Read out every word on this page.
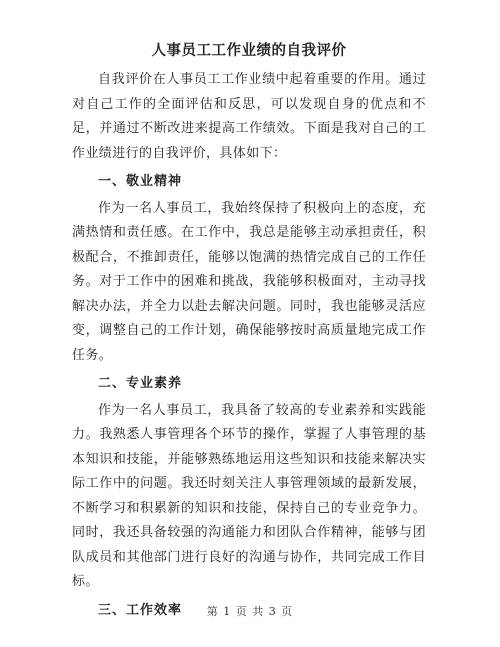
人事员工工作业绩的自我评价

自我评价在人事员工工作业绩中起着重要的作用。通过对自己工作的全面评估和反思，可以发现自身的优点和不足，并通过不断改进来提高工作绩效。下面是我对自己的工作业绩进行的自我评价，具体如下：

一、敬业精神

作为一名人事员工，我始终保持了积极向上的态度，充满热情和责任感。在工作中，我总是能够主动承担责任，积极配合，不推卸责任，能够以饱满的热情完成自己的工作任务。对于工作中的困难和挑战，我能够积极面对，主动寻找解决办法，并全力以赴去解决问题。同时，我也能够灵活应变，调整自己的工作计划，确保能够按时高质量地完成工作任务。

二、专业素养

作为一名人事员工，我具备了较高的专业素养和实践能力。我熟悉人事管理各个环节的操作，掌握了人事管理的基本知识和技能，并能够熟练地运用这些知识和技能来解决实际工作中的问题。我还时刻关注人事管理领域的最新发展，不断学习和积累新的知识和技能，保持自己的专业竞争力。同时，我还具备较强的沟通能力和团队合作精神，能够与团队成员和其他部门进行良好的沟通与协作，共同完成工作目标。

三、工作效率	第 1 页 共 3 页
